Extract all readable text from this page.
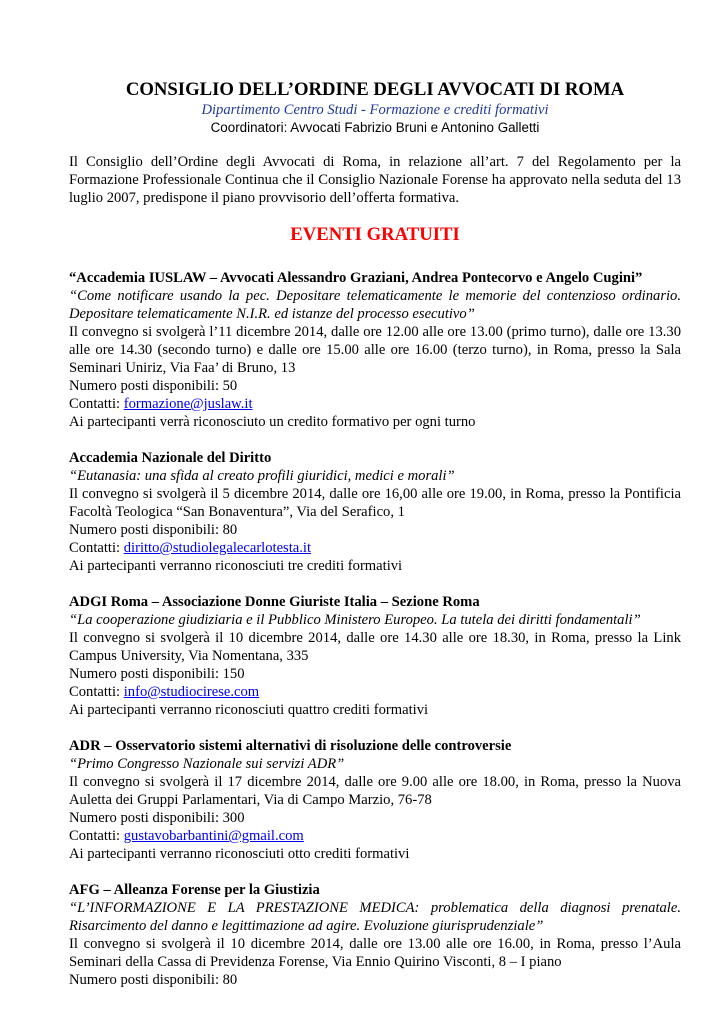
CONSIGLIO DELL’ORDINE DEGLI AVVOCATI DI ROMA
Dipartimento Centro Studi - Formazione e crediti formativi
Coordinatori: Avvocati Fabrizio Bruni e Antonino Galletti
Il Consiglio dell’Ordine degli Avvocati di Roma, in relazione all’art. 7 del Regolamento per la Formazione Professionale Continua che il Consiglio Nazionale Forense ha approvato nella seduta del 13 luglio 2007, predispone il piano provvisorio dell’offerta formativa.
EVENTI GRATUITI
“Accademia IUSLAW – Avvocati Alessandro Graziani, Andrea Pontecorvo e Angelo Cugini”
“Come notificare usando la pec. Depositare telematicamente le memorie del contenzioso ordinario. Depositare telematicamente N.I.R. ed istanze del processo esecutivo”
Il convegno si svolgerà l’11 dicembre 2014, dalle ore 12.00 alle ore 13.00 (primo turno), dalle ore 13.30 alle ore 14.30 (secondo turno) e dalle ore 15.00 alle ore 16.00 (terzo turno), in Roma, presso la Sala Seminari Uniriz, Via Faa’ di Bruno, 13
Numero posti disponibili: 50
Contatti: formazione@juslaw.it
Ai partecipanti verrà riconosciuto un credito formativo per ogni turno
Accademia Nazionale del Diritto
“Eutanasia: una sfida al creato profili giuridici, medici e morali”
Il convegno si svolgerà il 5 dicembre 2014, dalle ore 16,00 alle ore 19.00, in Roma, presso la Pontificia Facoltà Teologica “San Bonaventura”, Via del Serafico, 1
Numero posti disponibili: 80
Contatti: diritto@studiolegalecarlotesta.it
Ai partecipanti verranno riconosciuti tre crediti formativi
ADGI Roma – Associazione Donne Giuriste Italia – Sezione Roma
“La cooperazione giudiziaria e il Pubblico Ministero Europeo. La tutela dei diritti fondamentali”
Il convegno si svolgerà il 10 dicembre 2014, dalle ore 14.30 alle ore 18.30, in Roma, presso la Link Campus University, Via Nomentana, 335
Numero posti disponibili: 150
Contatti: info@studiocirese.com
Ai partecipanti verranno riconosciuti quattro crediti formativi
ADR – Osservatorio sistemi alternativi di risoluzione delle controversie
“Primo Congresso Nazionale sui servizi ADR”
Il convegno si svolgerà il 17 dicembre 2014, dalle ore 9.00 alle ore 18.00, in Roma, presso la Nuova Auletta dei Gruppi Parlamentari, Via di Campo Marzio, 76-78
Numero posti disponibili: 300
Contatti: gustavobarbantini@gmail.com
Ai partecipanti verranno riconosciuti otto crediti formativi
AFG – Alleanza Forense per la Giustizia
“L’INFORMAZIONE E LA PRESTAZIONE MEDICA: problematica della diagnosi prenatale. Risarcimento del danno e legittimazione ad agire. Evoluzione giurisprudenziale”
Il convegno si svolgerà il 10 dicembre 2014, dalle ore 13.00 alle ore 16.00, in Roma, presso l’Aula Seminari della Cassa di Previdenza Forense, Via Ennio Quirino Visconti, 8 – I piano
Numero posti disponibili: 80
